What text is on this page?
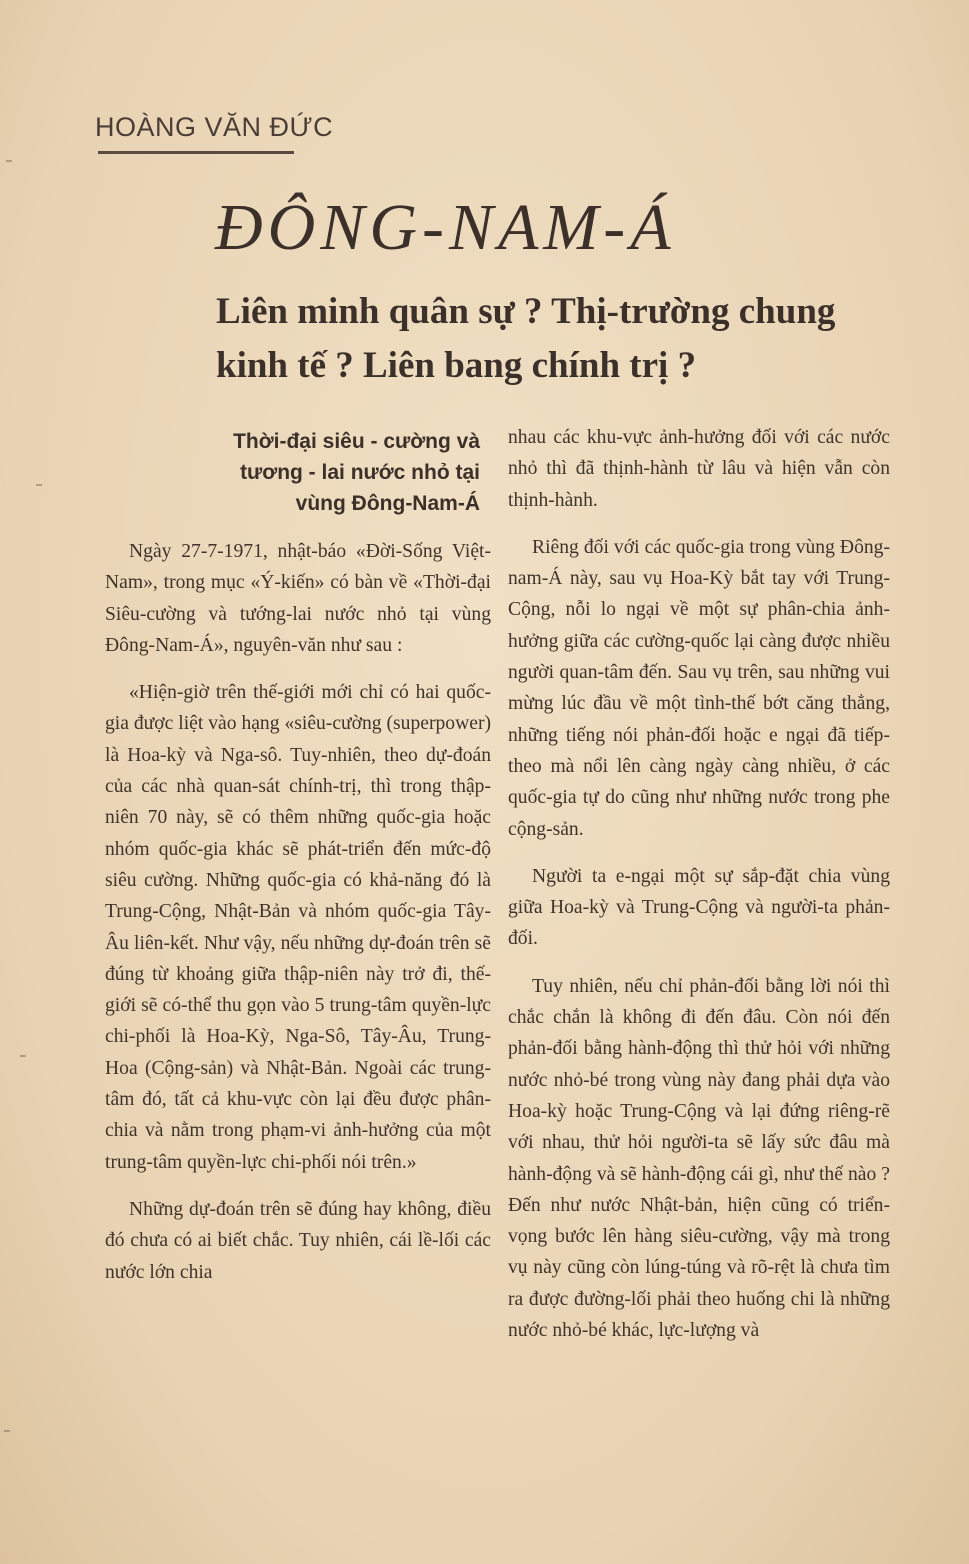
HOÀNG VĂN ĐỨC
ĐÔNG-NAM-Á
Liên minh quân sự ? Thị-trường chung
kinh tế ? Liên bang chính trị ?
Thời-đại siêu - cường và tương - lai nước nhỏ tại vùng Đông-Nam-Á

Ngày 27-7-1971, nhật-báo «Đời-Sống Việt-Nam», trong mục «Ý-kiến» có bàn về «Thời-đại Siêu-cường và tướng-lai nước nhỏ tại vùng Đông-Nam-Á», nguyên-văn như sau :

«Hiện-giờ trên thế-giới mới chỉ có hai quốc-gia được liệt vào hạng «siêu-cường (superpower) là Hoa-kỳ và Nga-sô. Tuy-nhiên, theo dự-đoán của các nhà quan-sát chính-trị, thì trong thập-niên 70 này, sẽ có thêm những quốc-gia hoặc nhóm quốc-gia khác sẽ phát-triển đến mức-độ siêu cường. Những quốc-gia có khả-năng đó là Trung-Cộng, Nhật-Bản và nhóm quốc-gia Tây-Âu liên-kết. Như vậy, nếu những dự-đoán trên sẽ đúng từ khoảng giữa thập-niên này trở đi, thế-giới sẽ có-thể thu gọn vào 5 trung-tâm quyền-lực chi-phối là Hoa-Kỳ, Nga-Sô, Tây-Âu, Trung-Hoa (Cộng-sản) và Nhật-Bản. Ngoài các trung-tâm đó, tất cả khu-vực còn lại đều được phân-chia và nằm trong phạm-vi ảnh-hưởng của một trung-tâm quyền-lực chi-phối nói trên.»

Những dự-đoán trên sẽ đúng hay không, điều đó chưa có ai biết chắc. Tuy nhiên, cái lề-lối các nước lớn chia

nhau các khu-vực ảnh-hưởng đối với các nước nhỏ thì đã thịnh-hành từ lâu và hiện vẫn còn thịnh-hành.

Riêng đối với các quốc-gia trong vùng Đông-nam-Á này, sau vụ Hoa-Kỳ bắt tay với Trung-Cộng, nỗi lo ngại về một sự phân-chia ảnh-hưởng giữa các cường-quốc lại càng được nhiều người quan-tâm đến. Sau vụ trên, sau những vui mừng lúc đầu về một tình-thế bớt căng thẳng, những tiếng nói phản-đối hoặc e ngại đã tiếp-theo mà nổi lên càng ngày càng nhiều, ở các quốc-gia tự do cũng như những nước trong phe cộng-sản.

Người ta e-ngại một sự sắp-đặt chia vùng giữa Hoa-kỳ và Trung-Cộng và người-ta phản-đối.

Tuy nhiên, nếu chỉ phản-đối bằng lời nói thì chắc chắn là không đi đến đâu. Còn nói đến phản-đối bằng hành-động thì thử hỏi với những nước nhỏ-bé trong vùng này đang phải dựa vào Hoa-kỳ hoặc Trung-Cộng và lại đứng riêng-rẽ với nhau, thử hỏi người-ta sẽ lấy sức đâu mà hành-động và sẽ hành-động cái gì, như thế nào ? Đến như nước Nhật-bản, hiện cũng có triển-vọng bước lên hàng siêu-cường, vậy mà trong vụ này cũng còn lúng-túng và rõ-rệt là chưa tìm ra được đường-lối phải theo huống chi là những nước nhỏ-bé khác, lực-lượng và
